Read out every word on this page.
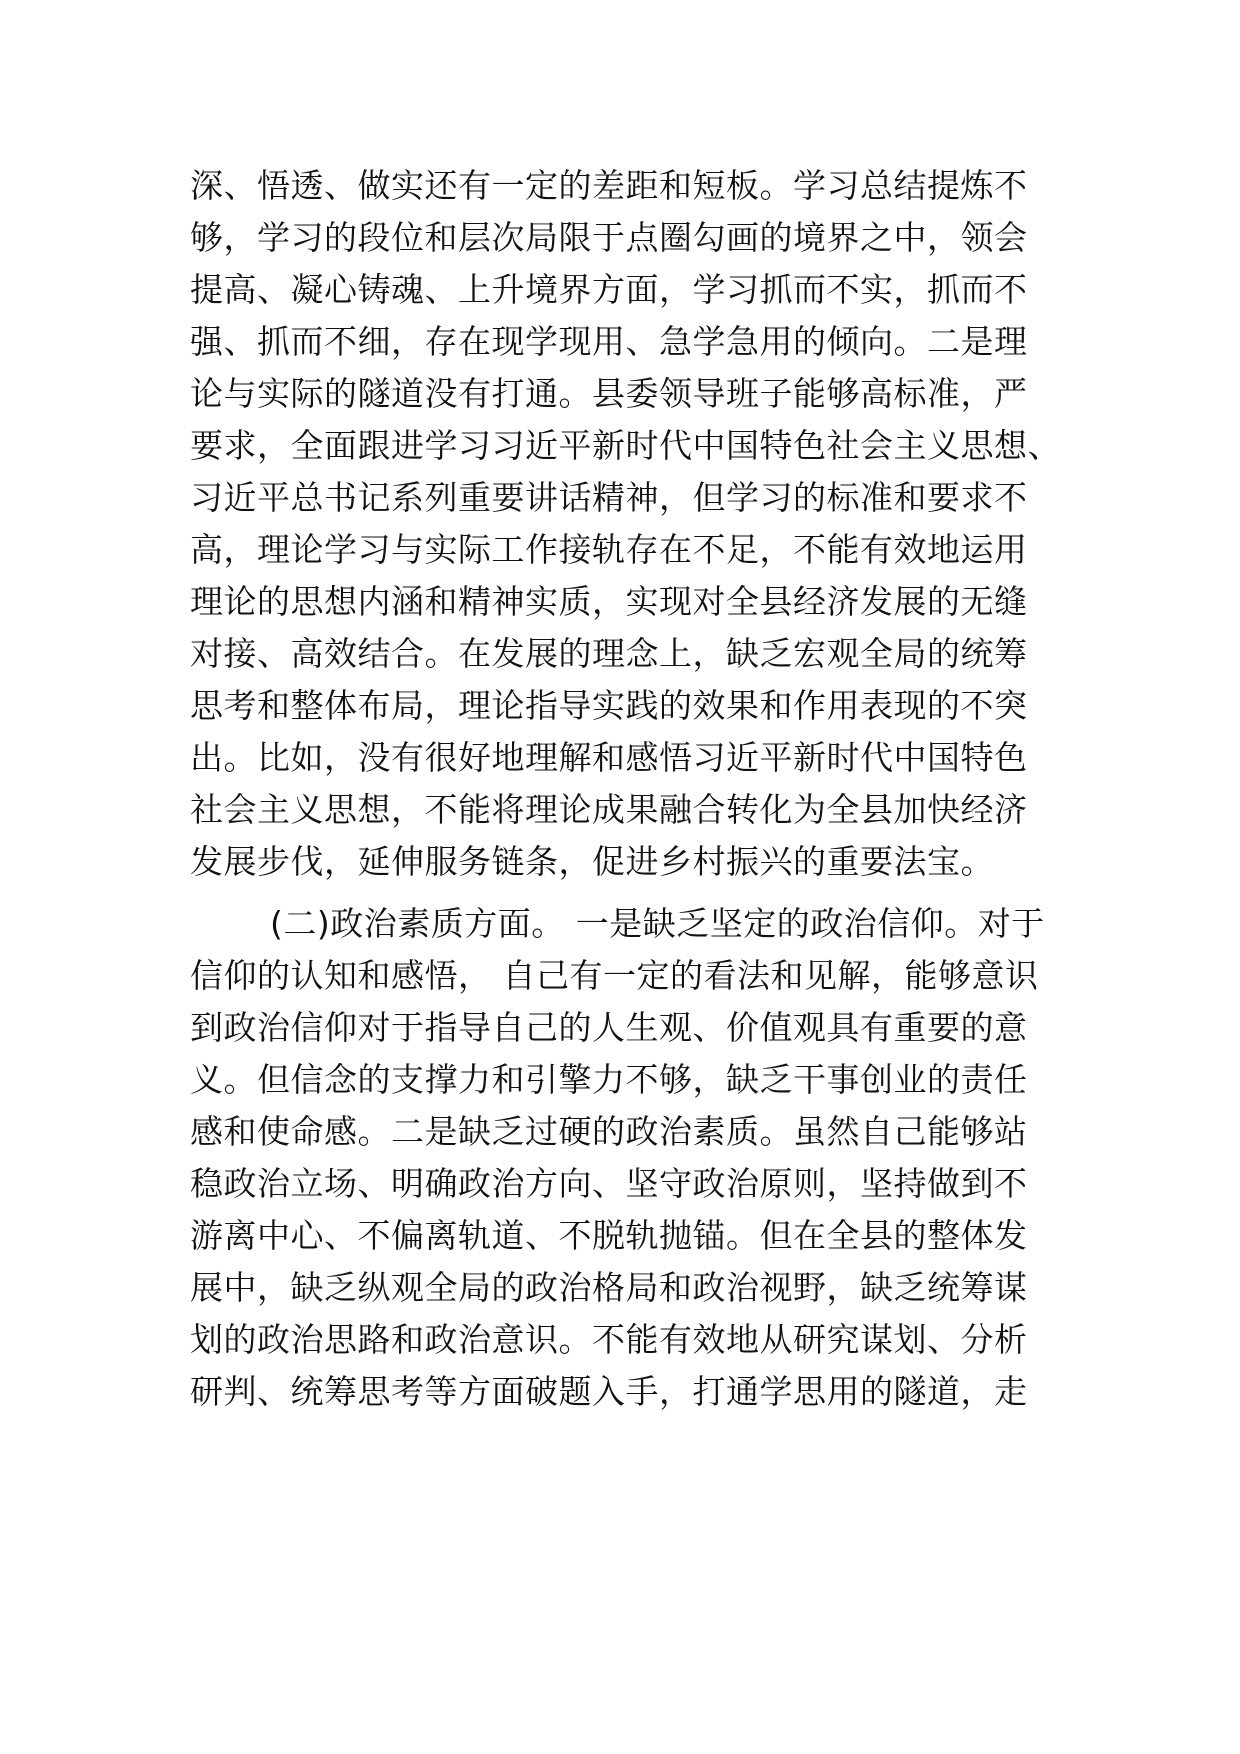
深、悟透、做实还有一定的差距和短板。学习总结提炼不
够，学习的段位和层次局限于点圈勾画的境界之中，领会
提高、凝心铸魂、上升境界方面，学习抓而不实，抓而不
强、抓而不细，存在现学现用、急学急用的倾向。二是理
论与实际的隧道没有打通。县委领导班子能够高标准，严
要求，全面跟进学习习近平新时代中国特色社会主义思想、
习近平总书记系列重要讲话精神，但学习的标准和要求不
高，理论学习与实际工作接轨存在不足，不能有效地运用
理论的思想内涵和精神实质，实现对全县经济发展的无缝
对接、高效结合。在发展的理念上，缺乏宏观全局的统筹
思考和整体布局，理论指导实践的效果和作用表现的不突
出。比如，没有很好地理解和感悟习近平新时代中国特色
社会主义思想，不能将理论成果融合转化为全县加快经济
发展步伐，延伸服务链条，促进乡村振兴的重要法宝。
(二)政治素质方面。 一是缺乏坚定的政治信仰。对于
信仰的认知和感悟， 自己有一定的看法和见解，能够意识
到政治信仰对于指导自己的人生观、价值观具有重要的意
义。但信念的支撑力和引擎力不够，缺乏干事创业的责任
感和使命感。二是缺乏过硬的政治素质。虽然自己能够站
稳政治立场、明确政治方向、坚守政治原则，坚持做到不
游离中心、不偏离轨道、不脱轨抛锚。但在全县的整体发
展中，缺乏纵观全局的政治格局和政治视野，缺乏统筹谋
划的政治思路和政治意识。不能有效地从研究谋划、分析
研判、统筹思考等方面破题入手，打通学思用的隧道，走
